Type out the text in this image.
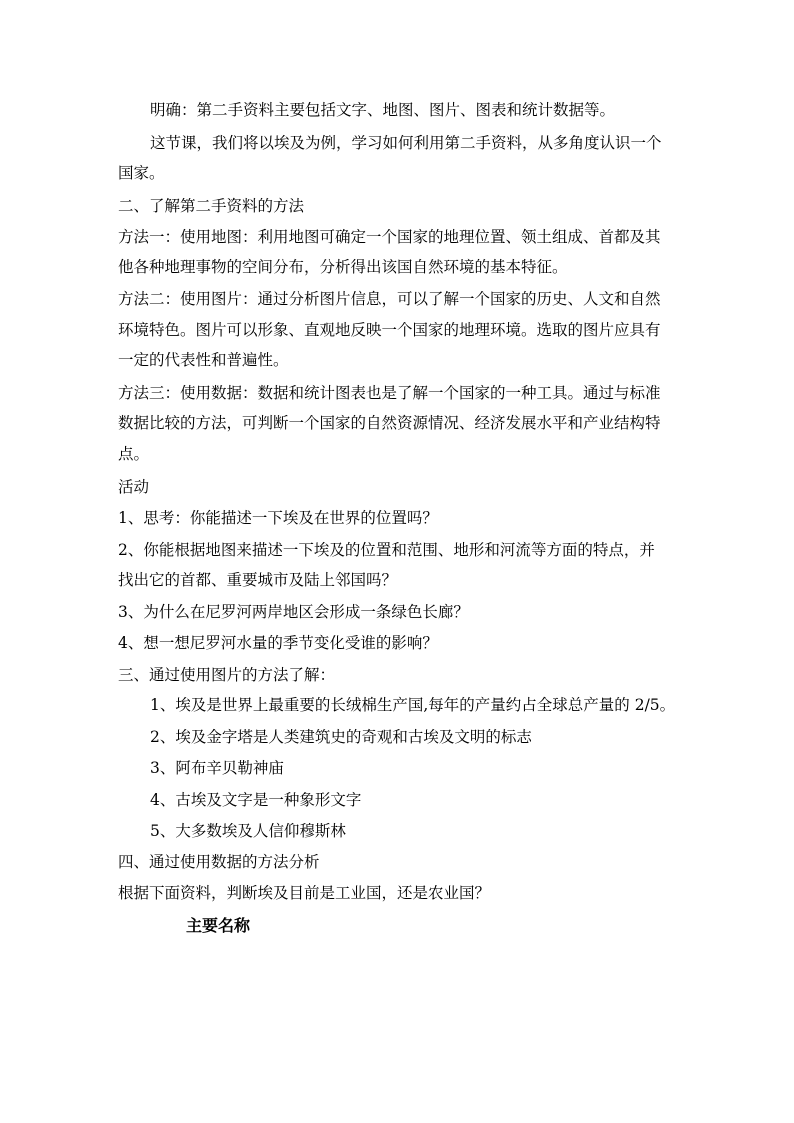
明确：第二手资料主要包括文字、地图、图片、图表和统计数据等。
这节课，我们将以埃及为例，学习如何利用第二手资料，从多角度认识一个
国家。
二、了解第二手资料的方法
方法一：使用地图：利用地图可确定一个国家的地理位置、领土组成、首都及其
他各种地理事物的空间分布，分析得出该国自然环境的基本特征。
方法二：使用图片：通过分析图片信息，可以了解一个国家的历史、人文和自然
环境特色。图片可以形象、直观地反映一个国家的地理环境。选取的图片应具有
一定的代表性和普遍性。
方法三：使用数据：数据和统计图表也是了解一个国家的一种工具。通过与标准
数据比较的方法，可判断一个国家的自然资源情况、经济发展水平和产业结构特
点。
活动
1、思考：你能描述一下埃及在世界的位置吗？
2、你能根据地图来描述一下埃及的位置和范围、地形和河流等方面的特点，并
找出它的首都、重要城市及陆上邻国吗？
3、为什么在尼罗河两岸地区会形成一条绿色长廊？
4、想一想尼罗河水量的季节变化受谁的影响？
三、通过使用图片的方法了解：
1、埃及是世界上最重要的长绒棉生产国,每年的产量约占全球总产量的 2/5。
2、埃及金字塔是人类建筑史的奇观和古埃及文明的标志
3、阿布辛贝勒神庙
4、古埃及文字是一种象形文字
5、大多数埃及人信仰穆斯林
四、通过使用数据的方法分析
根据下面资料，判断埃及目前是工业国，还是农业国？
主要名称
